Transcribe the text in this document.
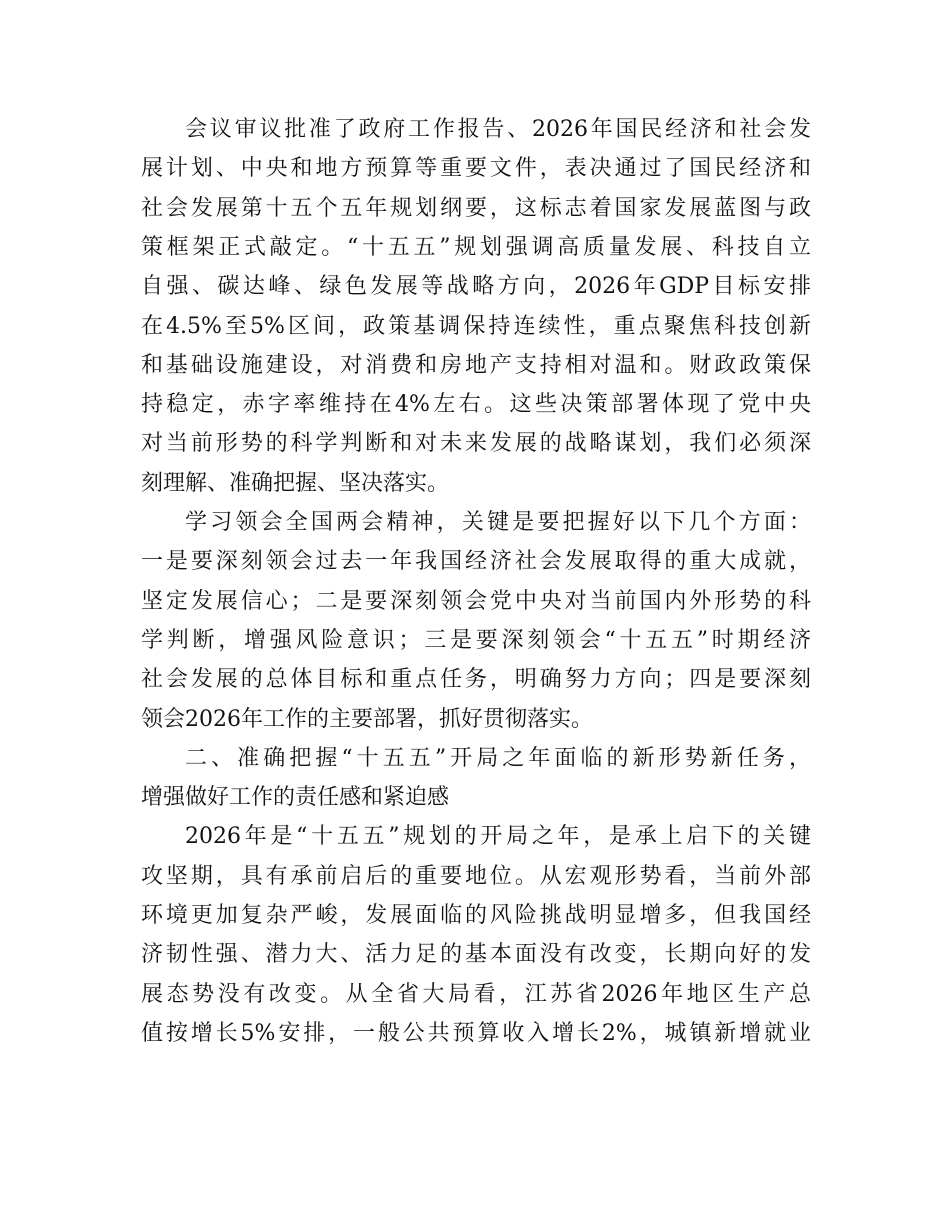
会议审议批准了政府工作报告、2026年国民经济和社会发
展计划、中央和地方预算等重要文件，表决通过了国民经济和
社会发展第十五个五年规划纲要，这标志着国家发展蓝图与政
策框架正式敲定。“十五五”规划强调高质量发展、科技自立
自强、碳达峰、绿色发展等战略方向，2026年GDP目标安排
在4.5%至5%区间，政策基调保持连续性，重点聚焦科技创新
和基础设施建设，对消费和房地产支持相对温和。财政政策保
持稳定，赤字率维持在4%左右。这些决策部署体现了党中央
对当前形势的科学判断和对未来发展的战略谋划，我们必须深
刻理解、准确把握、坚决落实。
学习领会全国两会精神，关键是要把握好以下几个方面：
一是要深刻领会过去一年我国经济社会发展取得的重大成就，
坚定发展信心；二是要深刻领会党中央对当前国内外形势的科
学判断，增强风险意识；三是要深刻领会“十五五”时期经济
社会发展的总体目标和重点任务，明确努力方向；四是要深刻
领会2026年工作的主要部署，抓好贯彻落实。
二、准确把握“十五五”开局之年面临的新形势新任务，
增强做好工作的责任感和紧迫感
2026年是“十五五”规划的开局之年，是承上启下的关键
攻坚期，具有承前启后的重要地位。从宏观形势看，当前外部
环境更加复杂严峻，发展面临的风险挑战明显增多，但我国经
济韧性强、潜力大、活力足的基本面没有改变，长期向好的发
展态势没有改变。从全省大局看，江苏省2026年地区生产总
值按增长5%安排，一般公共预算收入增长2%，城镇新增就业
